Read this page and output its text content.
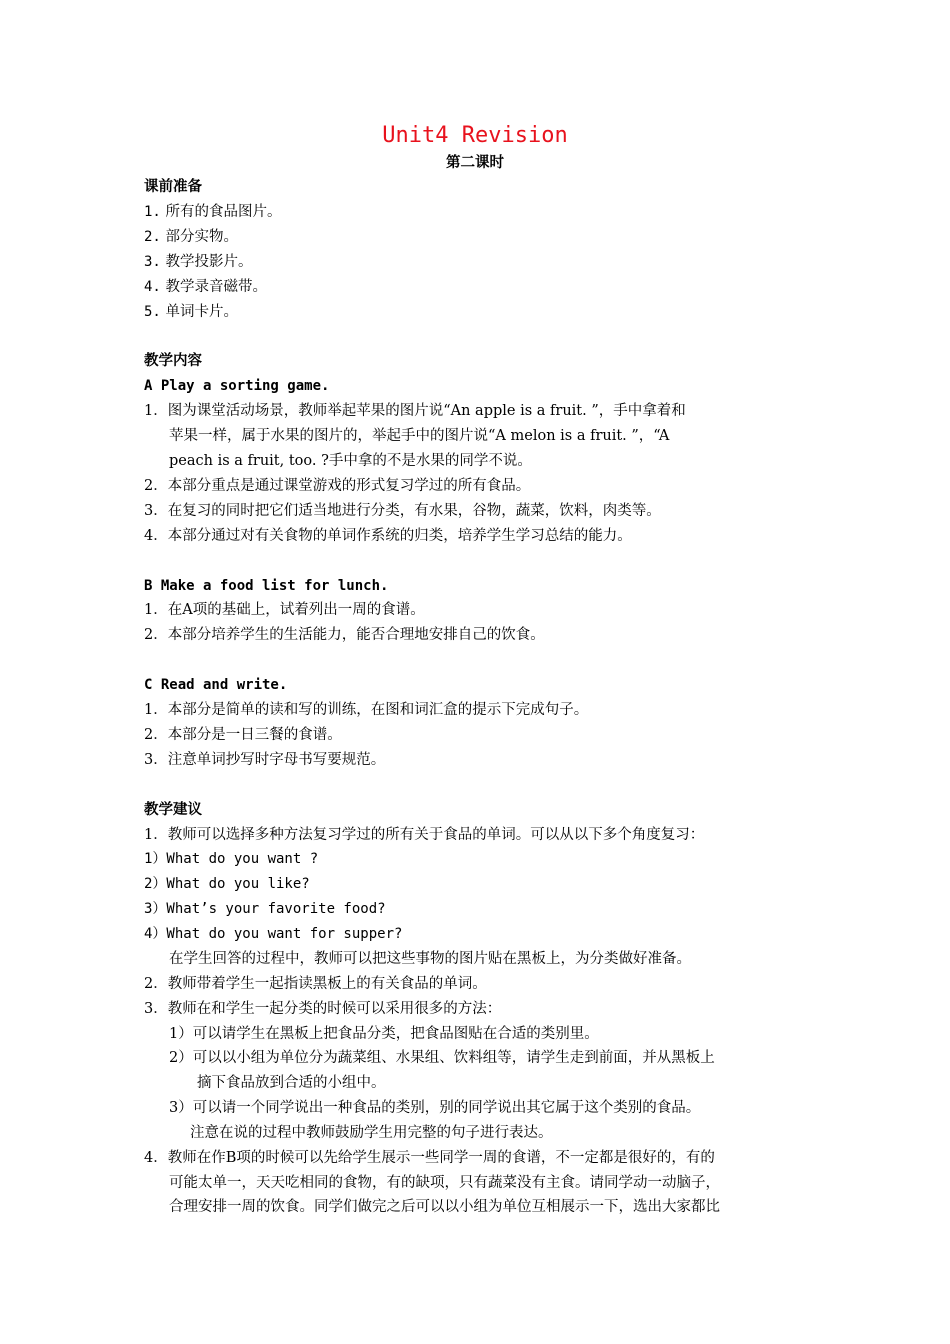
Unit4 Revision
第二课时
课前准备
1. 所有的食品图片。
2. 部分实物。
3. 教学投影片。
4. 教学录音磁带。
5. 单词卡片。
教学内容
A Play a sorting game.
1．图为课堂活动场景，教师举起苹果的图片说“An apple is a fruit. ”，手中拿着和
苹果一样，属于水果的图片的，举起手中的图片说“A melon is a fruit. ”，“A
peach is a fruit, too. ?手中拿的不是水果的同学不说。
2．本部分重点是通过课堂游戏的形式复习学过的所有食品。
3．在复习的同时把它们适当地进行分类，有水果，谷物，蔬菜，饮料，肉类等。
4．本部分通过对有关食物的单词作系统的归类，培养学生学习总结的能力。
B Make a food list for lunch.
1．在A项的基础上，试着列出一周的食谱。
2．本部分培养学生的生活能力，能否合理地安排自己的饮食。
C Read and write.
1．本部分是简单的读和写的训练，在图和词汇盒的提示下完成句子。
2．本部分是一日三餐的食谱。
3．注意单词抄写时字母书写要规范。
教学建议
1．教师可以选择多种方法复习学过的所有关于食品的单词。可以从以下多个角度复习：
1）What do you want ?
2）What do you like?
3）What’s your favorite food?
4）What do you want for supper?
在学生回答的过程中，教师可以把这些事物的图片贴在黑板上，为分类做好准备。
2．教师带着学生一起指读黑板上的有关食品的单词。
3．教师在和学生一起分类的时候可以采用很多的方法：
1）可以请学生在黑板上把食品分类，把食品图贴在合适的类别里。
2）可以以小组为单位分为蔬菜组、水果组、饮料组等，请学生走到前面，并从黑板上
摘下食品放到合适的小组中。
3）可以请一个同学说出一种食品的类别，别的同学说出其它属于这个类别的食品。
注意在说的过程中教师鼓励学生用完整的句子进行表达。
4．教师在作B项的时候可以先给学生展示一些同学一周的食谱，不一定都是很好的，有的
可能太单一，天天吃相同的食物，有的缺项，只有蔬菜没有主食。请同学动一动脑子，
合理安排一周的饮食。同学们做完之后可以以小组为单位互相展示一下，选出大家都比
